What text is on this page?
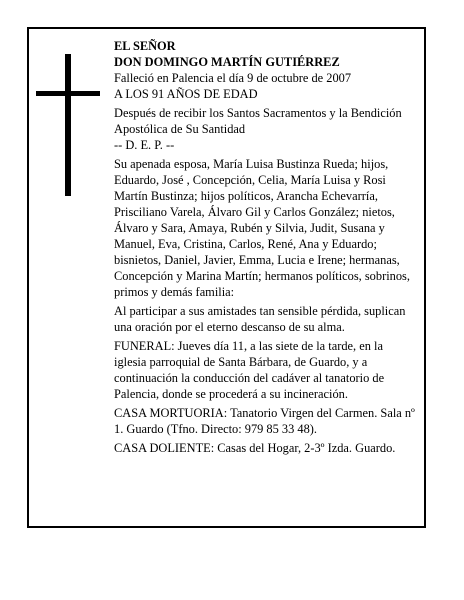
EL SEÑOR

DON DOMINGO MARTÍN GUTIÉRREZ

Falleció en Palencia el día 9 de octubre de 2007

A LOS 91 AÑOS DE EDAD

Después de recibir los Santos Sacramentos y la Bendición Apostólica de Su Santidad

-- D. E. P. --

Su apenada esposa, María Luisa Bustinza Rueda; hijos, Eduardo, José , Concepción, Celia, María Luisa y Rosi Martín Bustinza; hijos políticos, Arancha Echevarría, Prisciliano Varela, Álvaro Gil y Carlos González; nietos, Álvaro y Sara, Amaya, Rubén y Silvia, Judit, Susana y Manuel, Eva, Cristina, Carlos, René, Ana y Eduardo; bisnietos, Daniel, Javier, Emma, Lucia e Irene; hermanas, Concepción y Marina Martín; hermanos políticos, sobrinos, primos y demás familia:

Al participar a sus amistades tan sensible pérdida, suplican una oración por el eterno descanso de su alma.

FUNERAL: Jueves día 11, a las siete de la tarde, en la iglesia parroquial de Santa Bárbara, de Guardo, y a continuación la conducción del cadáver al tanatorio de Palencia, donde se procederá a su incineración.

CASA MORTUORIA: Tanatorio Virgen del Carmen. Sala nº 1. Guardo (Tfno. Directo: 979 85 33 48).

CASA DOLIENTE: Casas del Hogar, 2-3º Izda. Guardo.
